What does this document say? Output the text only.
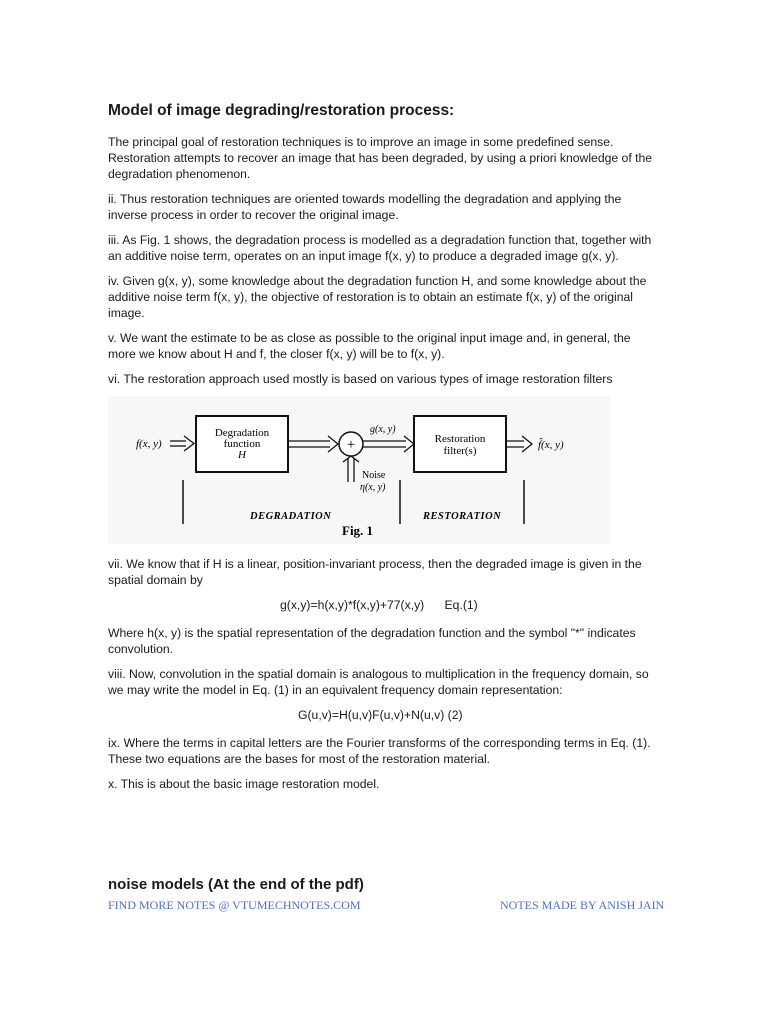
Model of image degrading/restoration process:

The principal goal of restoration techniques is to improve an image in some predefined sense. Restoration attempts to recover an image that has been degraded, by using a priori knowledge of the degradation phenomenon.

ii. Thus restoration techniques are oriented towards modelling the degradation and applying the inverse process in order to recover the original image.

iii. As Fig. 1 shows, the degradation process is modelled as a degradation function that, together with an additive noise term, operates on an input image f(x, y) to produce a degraded image g(x, y).

iv. Given g(x, y), some knowledge about the degradation function H, and some knowledge about the additive noise term f(x, y), the objective of restoration is to obtain an estimate f(x, y) of the original image.

v. We want the estimate to be as close as possible to the original input image and, in general, the more we know about H and f, the closer f(x, y) will be to f(x, y).

vi. The restoration approach used mostly is based on various types of image restoration filters

f(x, y)
Degradation
function
H
+
g(x, y)
Noise
η(x, y)
Restoration
filter(s)	f̂(x, y)
DEGRADATION	RESTORATION
Fig. 1

vii. We know that if H is a linear, position-invariant process, then the degraded image is given in the spatial domain by

g(x,y)=h(x,y)*f(x,y)+77(x,y)      Eq.(1)

Where h(x, y) is the spatial representation of the degradation function and the symbol "*" indicates convolution.

viii. Now, convolution in the spatial domain is analogous to multiplication in the frequency domain, so we may write the model in Eq. (1) in an equivalent frequency domain representation:

G(u,v)=H(u,v)F(u,v)+N(u,v) (2)

ix. Where the terms in capital letters are the Fourier transforms of the corresponding terms in Eq. (1). These two equations are the bases for most of the restoration material.

x. This is about the basic image restoration model.

noise models (At the end of the pdf)
FIND MORE NOTES @ VTUMECHNOTES.COM	NOTES MADE BY ANISH JAIN
